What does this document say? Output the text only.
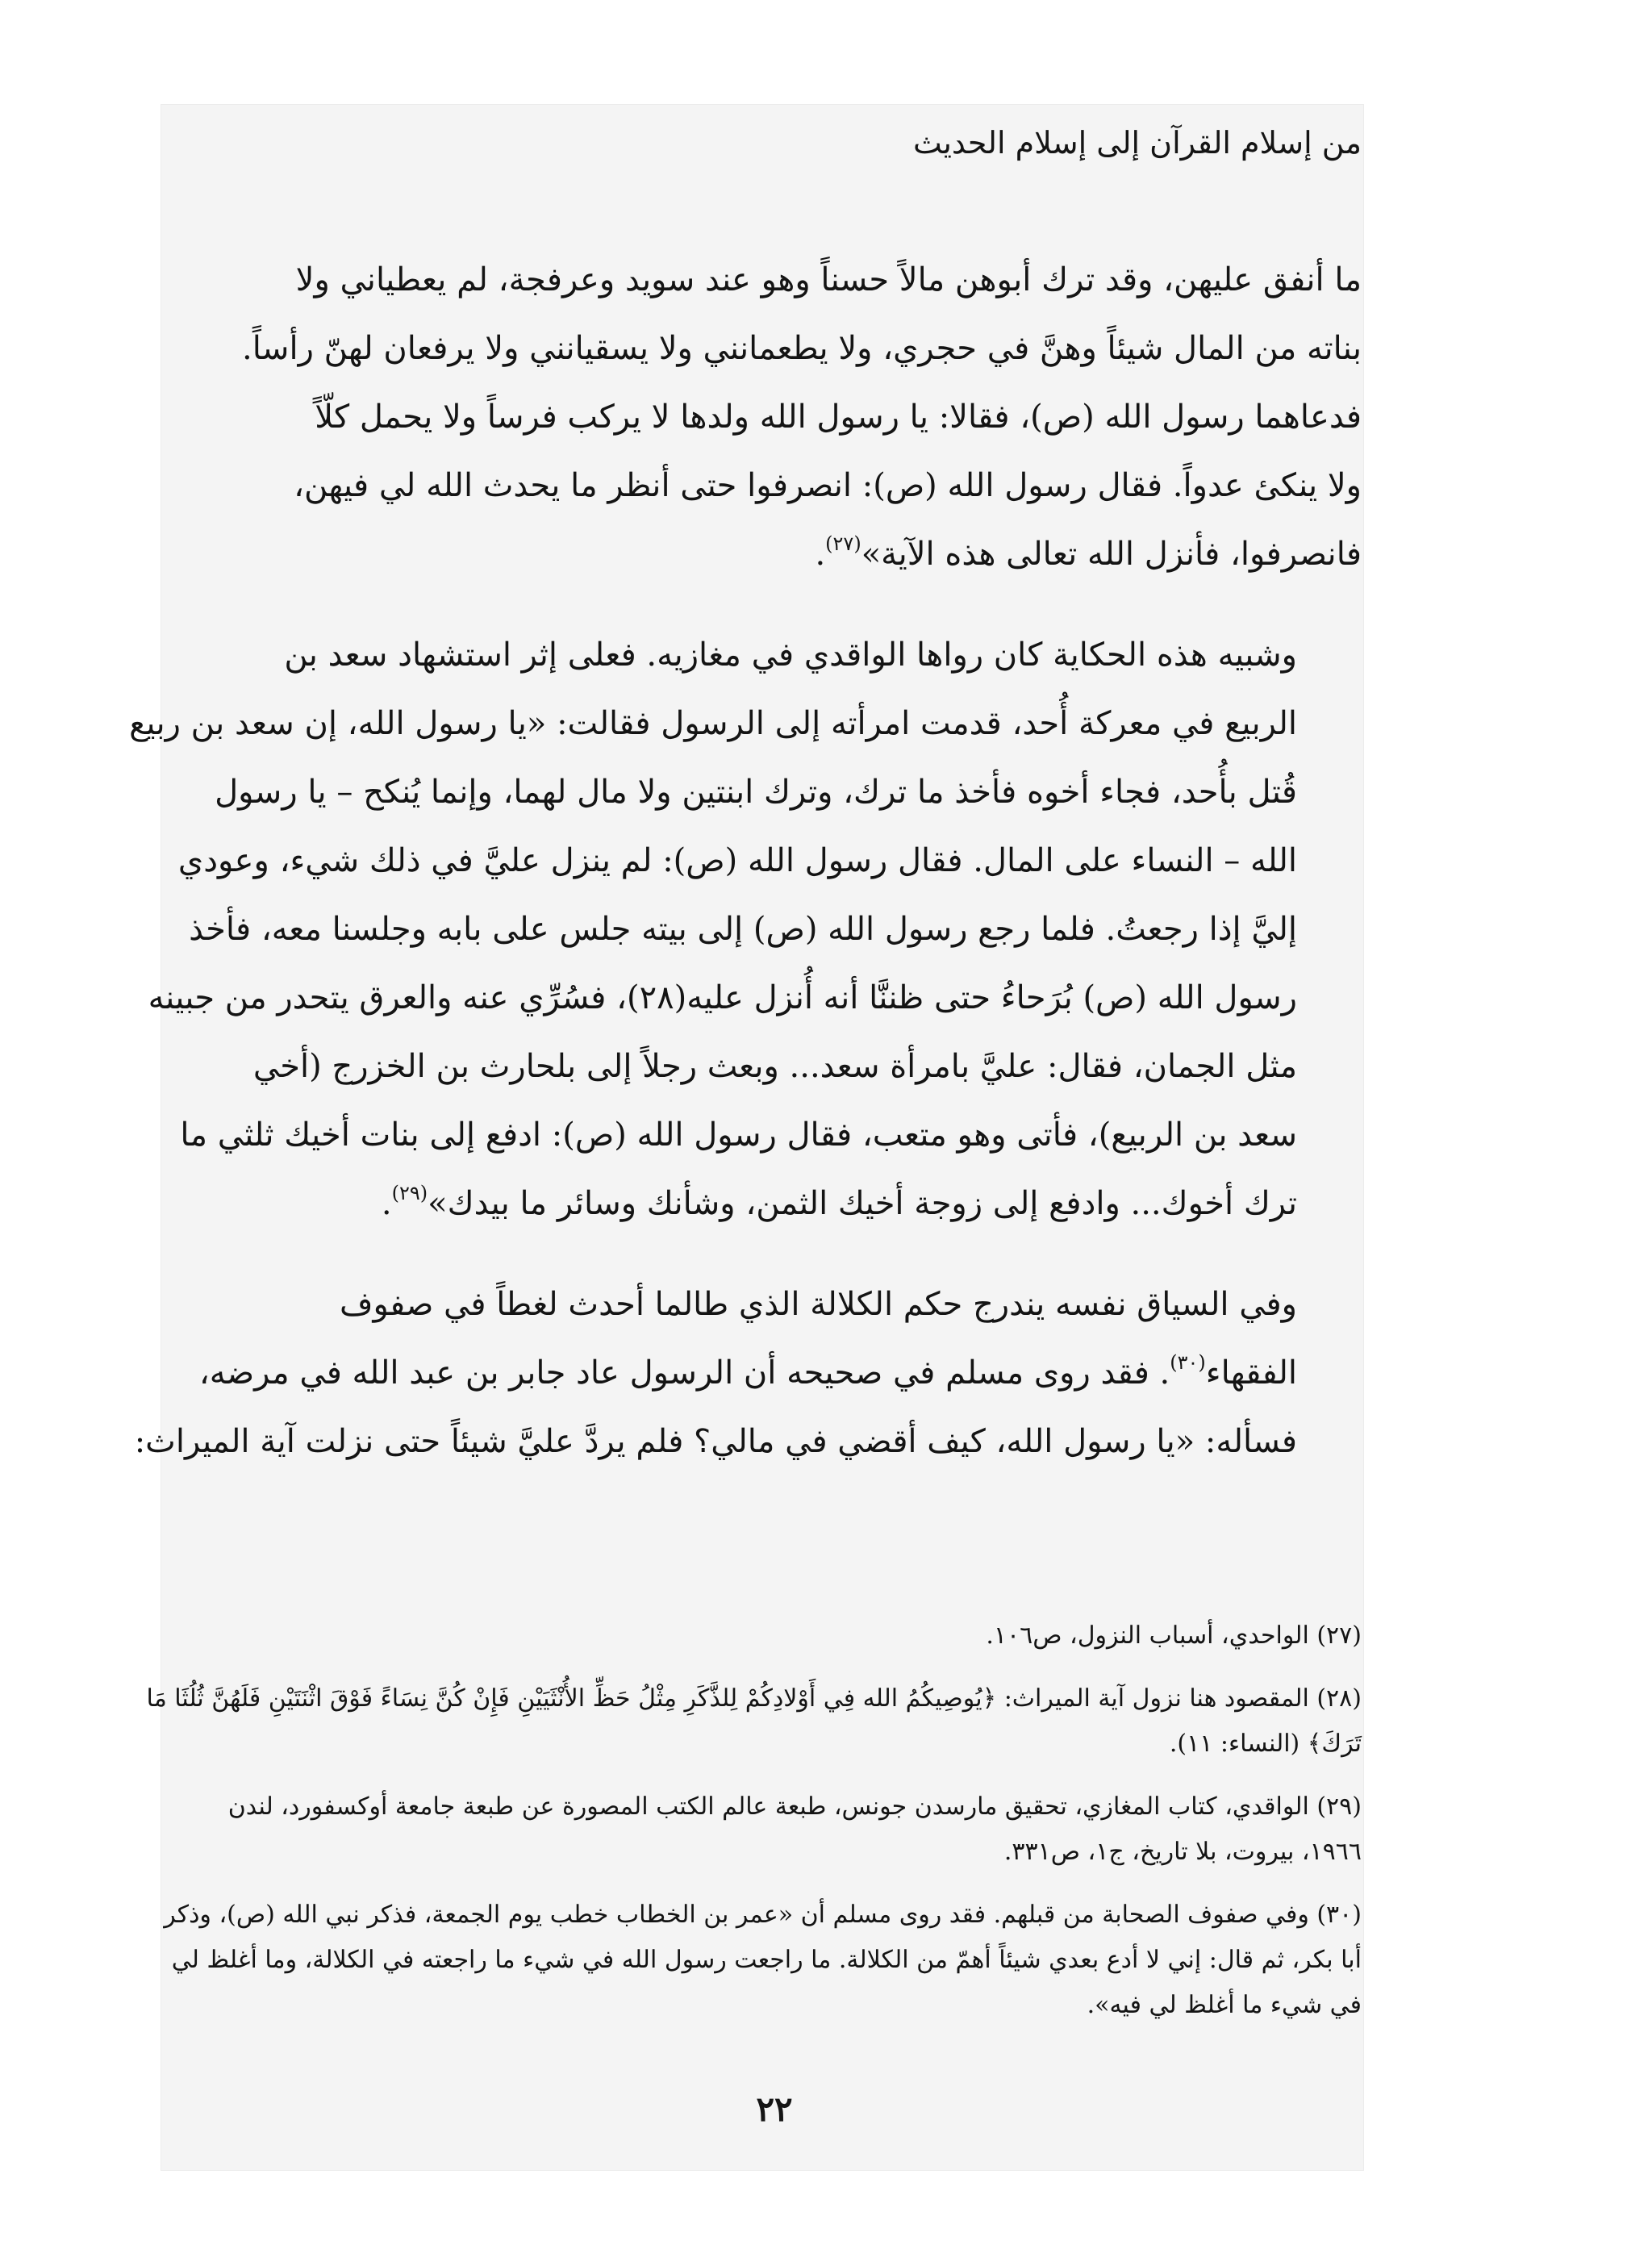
من إسلام القرآن إلى إسلام الحديث

ما أنفق عليهن، وقد ترك أبوهن مالاً حسناً وهو عند سويد وعرفجة، لم يعطياني ولا
بناته من المال شيئاً وهنَّ في حجري، ولا يطعمانني ولا يسقيانني ولا يرفعان لهنّ رأساً.
فدعاهما رسول الله (ص)، فقالا: يا رسول الله ولدها لا يركب فرساً ولا يحمل كلّاً
ولا ينكئ عدواً. فقال رسول الله (ص): انصرفوا حتى أنظر ما يحدث الله لي فيهن،
فانصرفوا، فأنزل الله تعالى هذه الآية»$^{(٢٧)}$.

وشبيه هذه الحكاية كان رواها الواقدي في مغازيه. فعلى إثر استشهاد سعد بن
الربيع في معركة أُحد، قدمت امرأته إلى الرسول فقالت: «يا رسول الله، إن سعد بن ربيع
قُتل بأُحد، فجاء أخوه فأخذ ما ترك، وترك ابنتين ولا مال لهما، وإنما يُنكح – يا رسول
الله – النساء على المال. فقال رسول الله (ص): لم ينزل عليَّ في ذلك شيء، وعودي
إليَّ إذا رجعتُ. فلما رجع رسول الله (ص) إلى بيته جلس على بابه وجلسنا معه، فأخذ
رسول الله (ص) بُرَحاءُ حتى ظننَّا أنه أُنزل عليه(٢٨)، فسُرِّي عنه والعرق يتحدر من جبينه
مثل الجمان، فقال: عليَّ بامرأة سعد... وبعث رجلاً إلى بلحارث بن الخزرج (أخي
سعد بن الربيع)، فأتى وهو متعب، فقال رسول الله (ص): ادفع إلى بنات أخيك ثلثي ما
ترك أخوك... وادفع إلى زوجة أخيك الثمن، وشأنك وسائر ما بيدك»$^{(٢٩)}$.

وفي السياق نفسه يندرج حكم الكلالة الذي طالما أحدث لغطاً في صفوف
الفقهاء$^{(٣٠)}$. فقد روى مسلم في صحيحه أن الرسول عاد جابر بن عبد الله في مرضه،
فسأله: «يا رسول الله، كيف أقضي في مالي؟ فلم يردَّ عليَّ شيئاً حتى نزلت آية الميراث:

(٢٧) الواحدي، أسباب النزول، ص١٠٦.

(٢٨) المقصود هنا نزول آية الميراث: ﴿يُوصِيكُمُ الله فِي أَوْلادِكُمْ لِلذَّكَرِ مِثْلُ حَظِّ الأُنْثَيَيْنِ فَإِنْ كُنَّ نِسَاءً فَوْقَ اثْنَتَيْنِ فَلَهُنَّ ثُلُثَا مَا
تَرَكَ﴾ (النساء: ١١).

(٢٩) الواقدي، كتاب المغازي، تحقيق مارسدن جونس، طبعة عالم الكتب المصورة عن طبعة جامعة أوكسفورد، لندن
١٩٦٦، بيروت، بلا تاريخ، ج١، ص٣٣١.

(٣٠) وفي صفوف الصحابة من قبلهم. فقد روى مسلم أن «عمر بن الخطاب خطب يوم الجمعة، فذكر نبي الله (ص)، وذكر
أبا بكر، ثم قال: إني لا أدع بعدي شيئاً أهمّ من الكلالة. ما راجعت رسول الله في شيء ما راجعته في الكلالة، وما أغلظ لي
في شيء ما أغلظ لي فيه».

٢٢
